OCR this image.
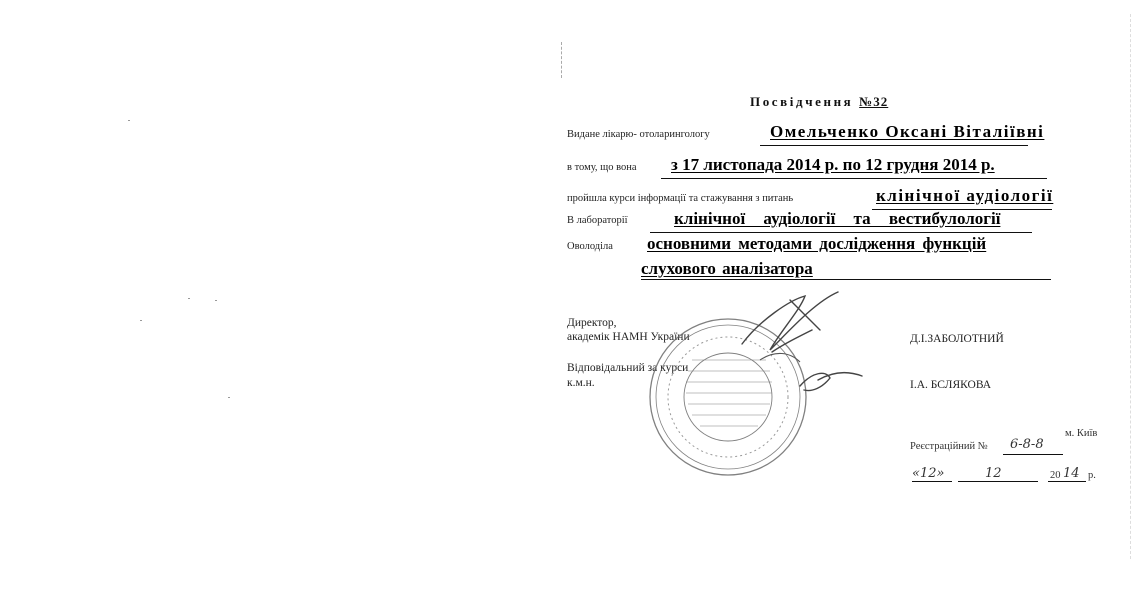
Посвідчення №32
Видане лікарю- отоларингологу	Омельченко Оксані Віталіївні
в тому, що вона з 17 листопада 2014 р. по 12 грудня 2014 р.
пройшла курси інформації та стажування з питань	клінічної аудіології
В лабораторії	клінічної аудіології та вестибулології
Оволоділа основними методами дослідження функцій
слухового аналізатора
Директор,
академік НАМН України	Д.І.ЗАБОЛОТНИЙ
Відповідальний за курси
к.м.н.	І.А. БСЛЯКОВА
м. Київ
Реєстраційний № 6-8-8
«12»	12	20 14 р.
